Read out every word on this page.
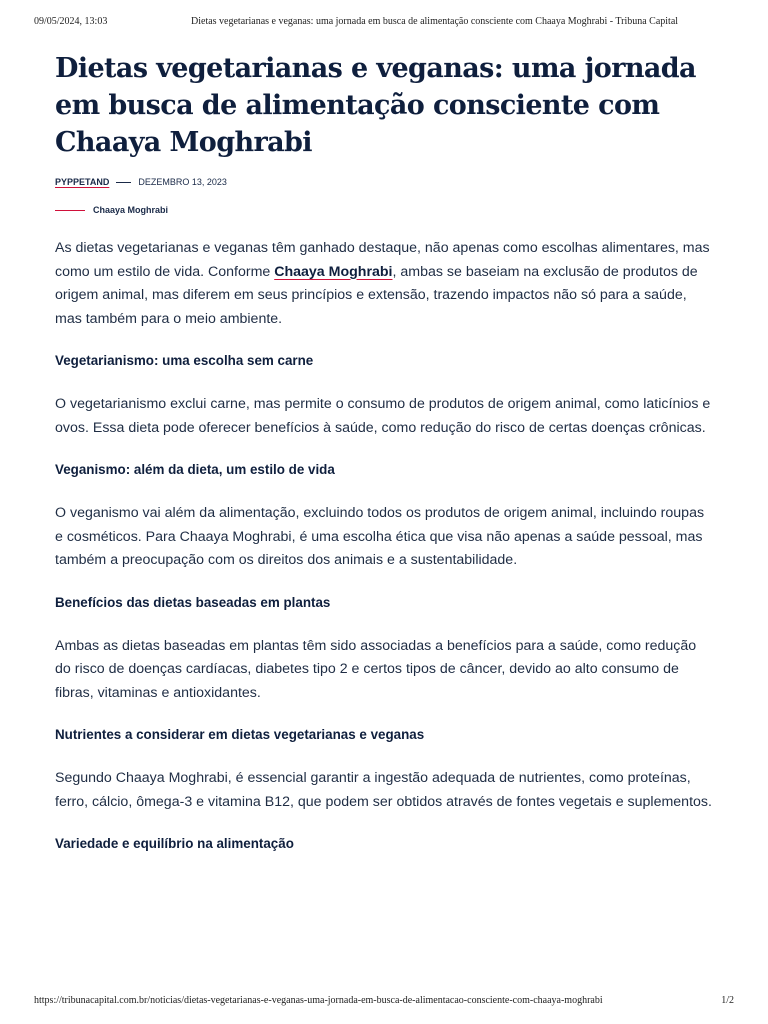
09/05/2024, 13:03	Dietas vegetarianas e veganas: uma jornada em busca de alimentação consciente com Chaaya Moghrabi - Tribuna Capital
Dietas vegetarianas e veganas: uma jornada em busca de alimentação consciente com Chaaya Moghrabi
PYPPETAND	DEZEMBRO 13, 2023
Chaaya Moghrabi

As dietas vegetarianas e veganas têm ganhado destaque, não apenas como escolhas alimentares, mas como um estilo de vida. Conforme Chaaya Moghrabi, ambas se baseiam na exclusão de produtos de origem animal, mas diferem em seus princípios e extensão, trazendo impactos não só para a saúde, mas também para o meio ambiente.

Vegetarianismo: uma escolha sem carne

O vegetarianismo exclui carne, mas permite o consumo de produtos de origem animal, como laticínios e ovos. Essa dieta pode oferecer benefícios à saúde, como redução do risco de certas doenças crônicas.

Veganismo: além da dieta, um estilo de vida

O veganismo vai além da alimentação, excluindo todos os produtos de origem animal, incluindo roupas e cosméticos. Para Chaaya Moghrabi, é uma escolha ética que visa não apenas a saúde pessoal, mas também a preocupação com os direitos dos animais e a sustentabilidade.

Benefícios das dietas baseadas em plantas

Ambas as dietas baseadas em plantas têm sido associadas a benefícios para a saúde, como redução do risco de doenças cardíacas, diabetes tipo 2 e certos tipos de câncer, devido ao alto consumo de fibras, vitaminas e antioxidantes.

Nutrientes a considerar em dietas vegetarianas e veganas

Segundo Chaaya Moghrabi, é essencial garantir a ingestão adequada de nutrientes, como proteínas, ferro, cálcio, ômega-3 e vitamina B12, que podem ser obtidos através de fontes vegetais e suplementos.

Variedade e equilíbrio na alimentação
https://tribunacapital.com.br/noticias/dietas-vegetarianas-e-veganas-uma-jornada-em-busca-de-alimentacao-consciente-com-chaaya-moghrabi	1/2
